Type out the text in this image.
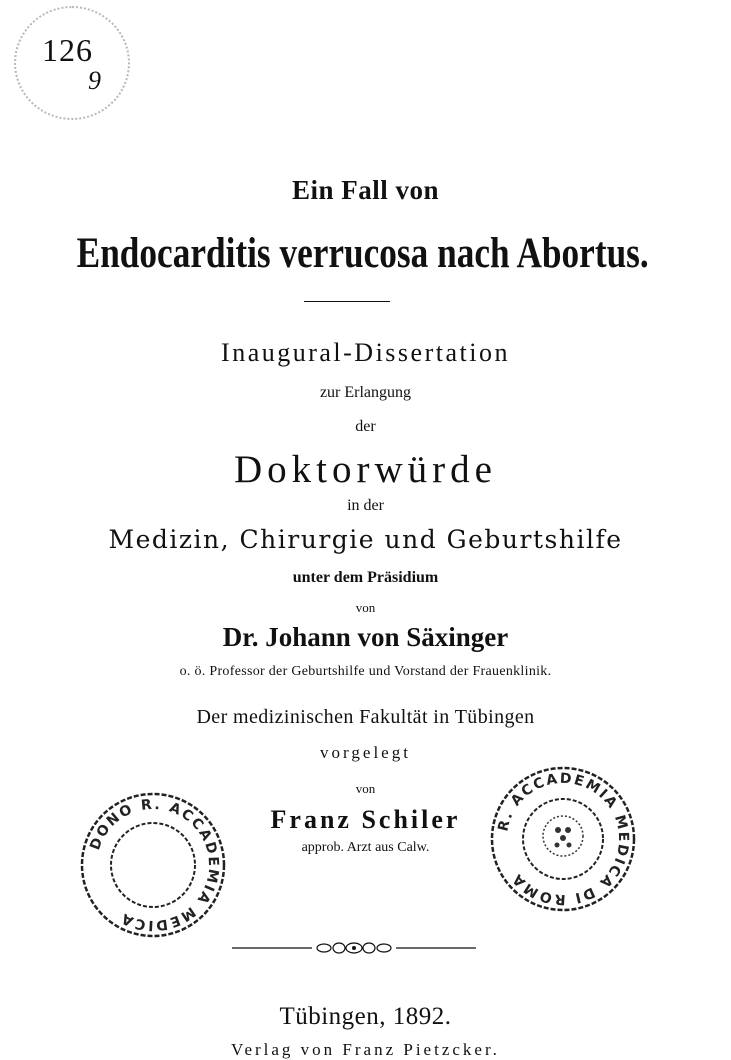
126
9
Ein Fall von
Endocarditis verrucosa nach Abortus.
Inaugural-Dissertation
zur Erlangung
der
Doktorwürde
in der
Medizin, Chirurgie und Geburtshilfe
unter dem Präsidium
von
Dr. Johann von Säxinger
o. ö. Professor der Geburtshilfe und Vorstand der Frauenklinik.
Der medizinischen Fakultät in Tübingen
vorgelegt
von
Franz Schiler
approb. Arzt aus Calw.
DONO R. ACCADEMIA MEDICA
R. ACCADEMIA MEDICA DI ROMA
Tübingen, 1892.
Verlag von Franz Pietzcker.
